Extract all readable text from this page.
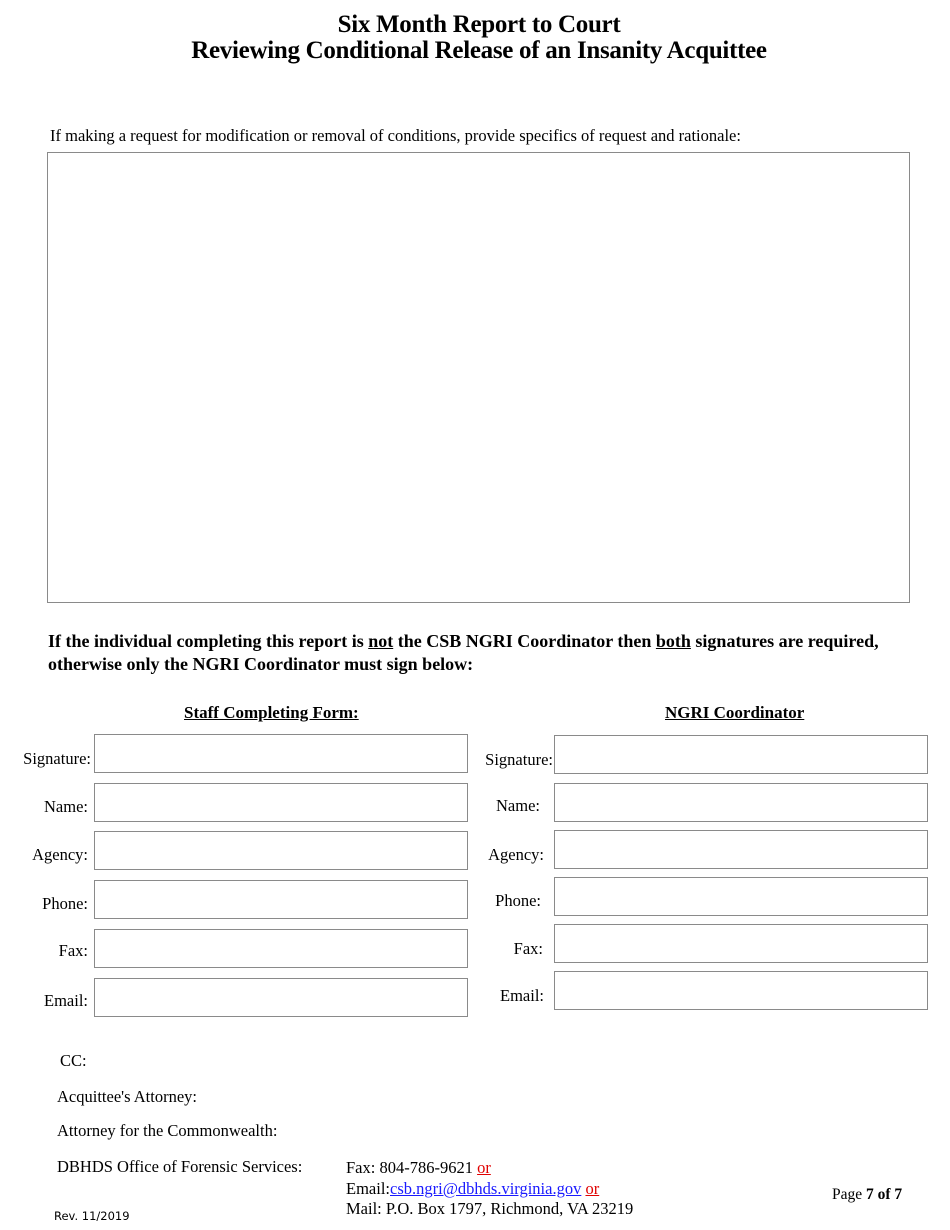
Six Month Report to Court
Reviewing Conditional Release of an Insanity Acquittee
If making a request for modification or removal of conditions, provide specifics of request and rationale:
If the individual completing this report is not the CSB NGRI Coordinator then both signatures are required, otherwise only the NGRI Coordinator must sign below:
Staff Completing Form:	NGRI Coordinator
Signature:
Name:
Agency:
Phone:
Fax:
Email:
Signature:
Name:
Agency:
Phone:
Fax:
Email:
CC:
Acquittee's Attorney:
Attorney for the Commonwealth:
DBHDS Office of Forensic Services:	Fax: 804-786-9621 or
Email:csb.ngri@dbhds.virginia.gov or
Mail: P.O. Box 1797, Richmond, VA 23219
Rev. 11/2019
Page 7 of 7
